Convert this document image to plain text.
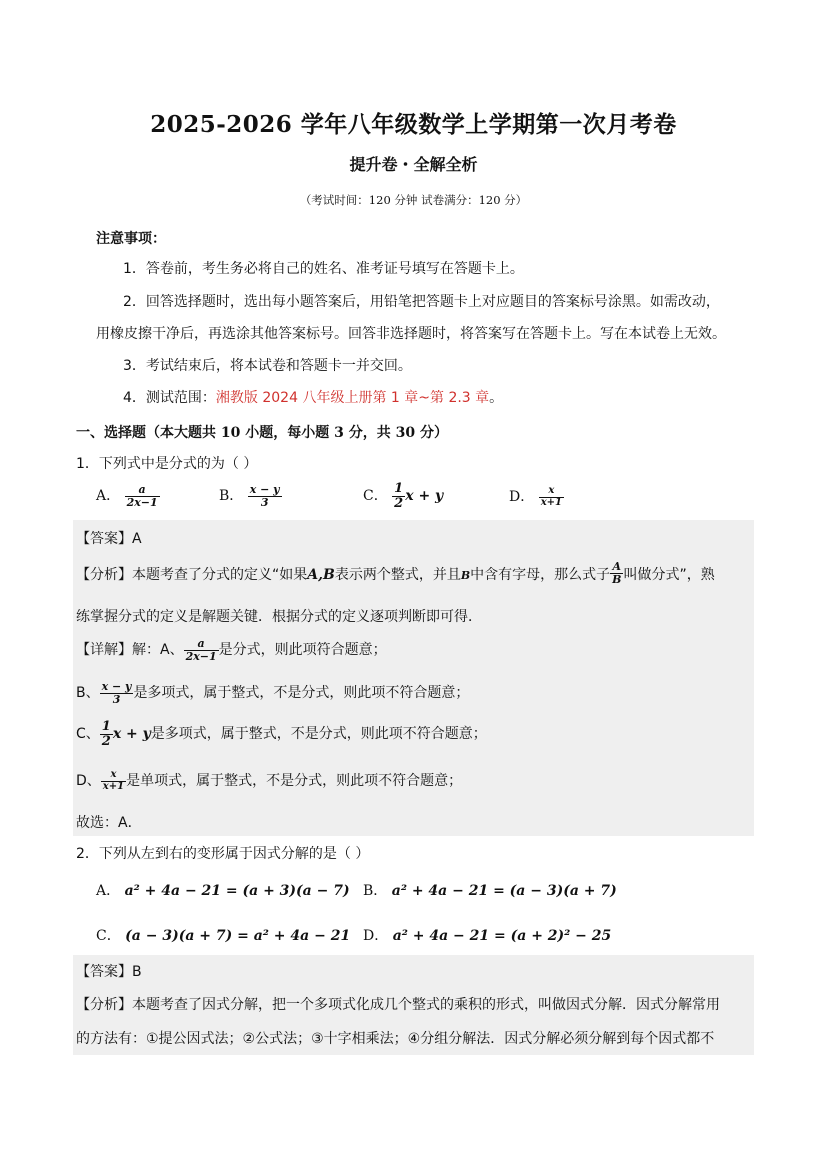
2025-2026 学年八年级数学上学期第一次月考卷
提升卷・全解全析
（考试时间：120 分钟 试卷满分：120 分）
注意事项：
1．答卷前，考生务必将自己的姓名、准考证号填写在答题卡上。
2．回答选择题时，选出每小题答案后，用铅笔把答题卡上对应题目的答案标号涂黑。如需改动，
用橡皮擦干净后，再选涂其他答案标号。回答非选择题时，将答案写在答题卡上。写在本试卷上无效。
3．考试结束后，将本试卷和答题卡一并交回。
4．测试范围：湘教版 2024 八年级上册第 1 章~第 2.3 章。
一、选择题（本大题共 10 小题，每小题 3 分，共 30 分）
1．下列式中是分式的为（ ）
A． $\frac{a}{2x-1}$	B． $\frac{x - y}{3}$	C． $\frac{1}{2}$ x + y	D． $\frac{x}{x+1}$
【答案】A
【分析】本题考查了分式的定义“如果A,B表示两个整式，并且B中含有字母，那么式子 $\frac{A}{B}$ 叫做分式”，熟
练掌握分式的定义是解题关键．根据分式的定义逐项判断即可得．
【详解】解：A、 $\frac{a}{2x-1}$ 是分式，则此项符合题意；
B、 $\frac{x - y}{3}$ 是多项式，属于整式，不是分式，则此项不符合题意；
C、 $\frac{1}{2}$ x + y是多项式，属于整式，不是分式，则此项不符合题意；
D、 $\frac{x}{x+1}$ 是单项式，属于整式，不是分式，则此项不符合题意；
故选：A．
2．下列从左到右的变形属于因式分解的是（ ）
A． a² + 4a − 21 = (a + 3)(a − 7) B． a² + 4a − 21 = (a − 3)(a + 7)
C． (a − 3)(a + 7) = a² + 4a − 21 D． a² + 4a − 21 = (a + 2)² − 25
【答案】B
【分析】本题考查了因式分解，把一个多项式化成几个整式的乘积的形式，叫做因式分解．因式分解常用
的方法有：①提公因式法；②公式法；③十字相乘法；④分组分解法．因式分解必须分解到每个因式都不
